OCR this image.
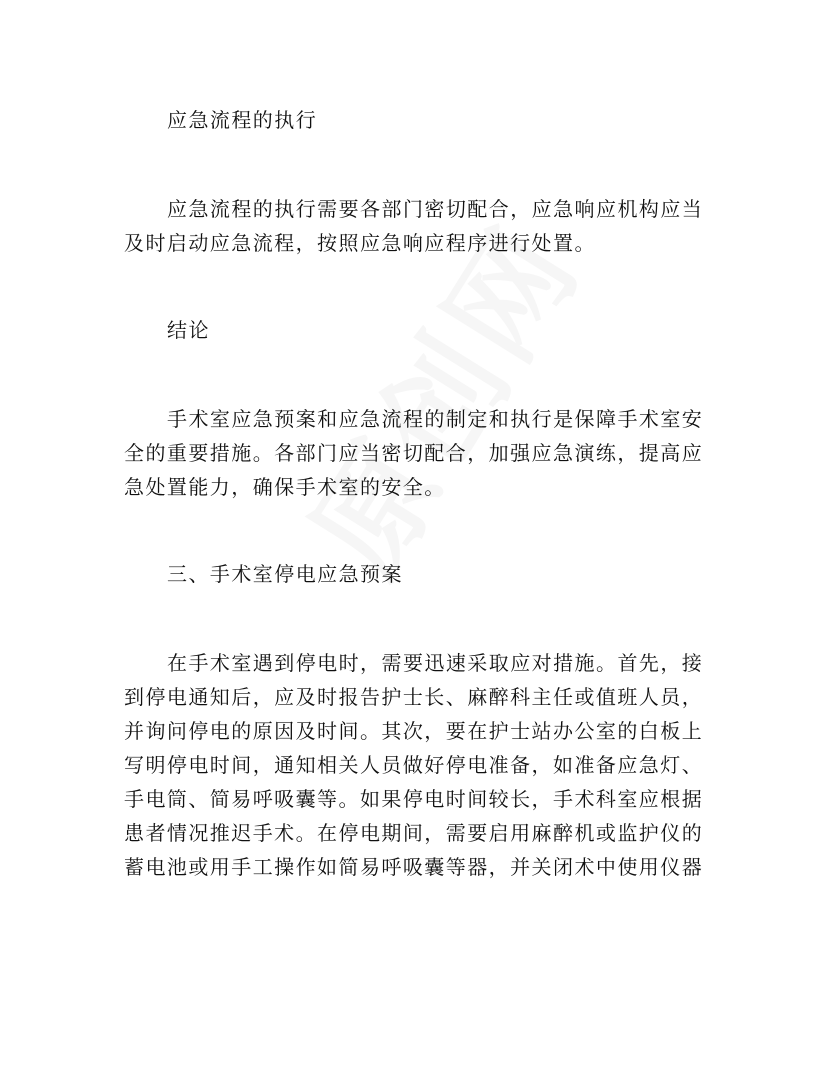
应急流程的执行
应急流程的执行需要各部门密切配合，应急响应机构应当
及时启动应急流程，按照应急响应程序进行处置。
结论
手术室应急预案和应急流程的制定和执行是保障手术室安
全的重要措施。各部门应当密切配合，加强应急演练，提高应
急处置能力，确保手术室的安全。
三、手术室停电应急预案
在手术室遇到停电时，需要迅速采取应对措施。首先，接
到停电通知后，应及时报告护士长、麻醉科主任或值班人员，
并询问停电的原因及时间。其次，要在护士站办公室的白板上
写明停电时间，通知相关人员做好停电准备，如准备应急灯、
手电筒、简易呼吸囊等。如果停电时间较长，手术科室应根据
患者情况推迟手术。在停电期间，需要启用麻醉机或监护仪的
蓄电池或用手工操作如简易呼吸囊等器，并关闭术中使用仪器
